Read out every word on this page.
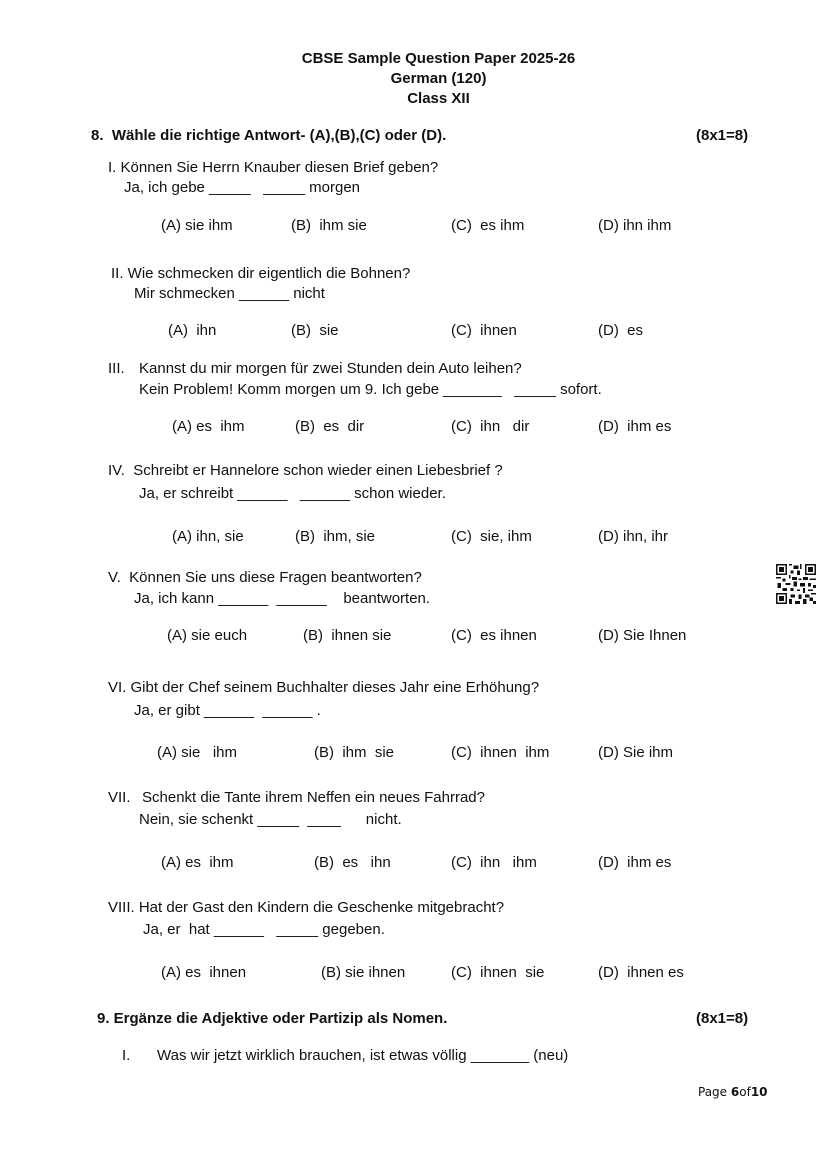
CBSE Sample Question Paper 2025-26
German (120)
Class XII
8.  Wähle die richtige Antwort- (A),(B),(C) oder (D).	(8x1=8)
I. Können Sie Herrn Knauber diesen Brief geben?
Ja, ich gebe _____   _____ morgen
(A) sie ihm	(B)  ihm sie	(C)  es ihm	(D) ihn ihm
II. Wie schmecken dir eigentlich die Bohnen?
Mir schmecken ______ nicht
(A)  ihn	(B)  sie	(C)  ihnen	(D)  es
III. Kannst du mir morgen für zwei Stunden dein Auto leihen?
Kein Problem! Komm morgen um 9. Ich gebe _______   _____ sofort.
(A) es  ihm	(B)  es  dir	(C)  ihn   dir	(D)  ihm es
IV.  Schreibt er Hannelore schon wieder einen Liebesbrief ?
Ja, er schreibt ______   ______ schon wieder.
(A) ihn, sie	(B)  ihm, sie	(C)  sie, ihm	(D) ihn, ihr
V.  Können Sie uns diese Fragen beantworten?
Ja, ich kann ______  ______    beantworten.
(A) sie euch	(B)  ihnen sie	(C)  es ihnen	(D) Sie Ihnen
VI. Gibt der Chef seinem Buchhalter dieses Jahr eine Erhöhung?
Ja, er gibt ______  ______ .
(A) sie   ihm	(B)  ihm  sie	(C)  ihnen  ihm	(D) Sie ihm
VII. Schenkt die Tante ihrem Neffen ein neues Fahrrad?
Nein, sie schenkt _____  ____      nicht.
(A) es  ihm	(B)  es   ihn	(C)  ihn   ihm	(D)  ihm es
VIII. Hat der Gast den Kindern die Geschenke mitgebracht?
Ja, er  hat ______   _____ gegeben.
(A) es  ihnen	(B) sie ihnen	(C)  ihnen  sie	(D)  ihnen es
9. Ergänze die Adjektive oder Partizip als Nomen.	(8x1=8)
I. Was wir jetzt wirklich brauchen, ist etwas völlig _______ (neu)
Page 6of10
